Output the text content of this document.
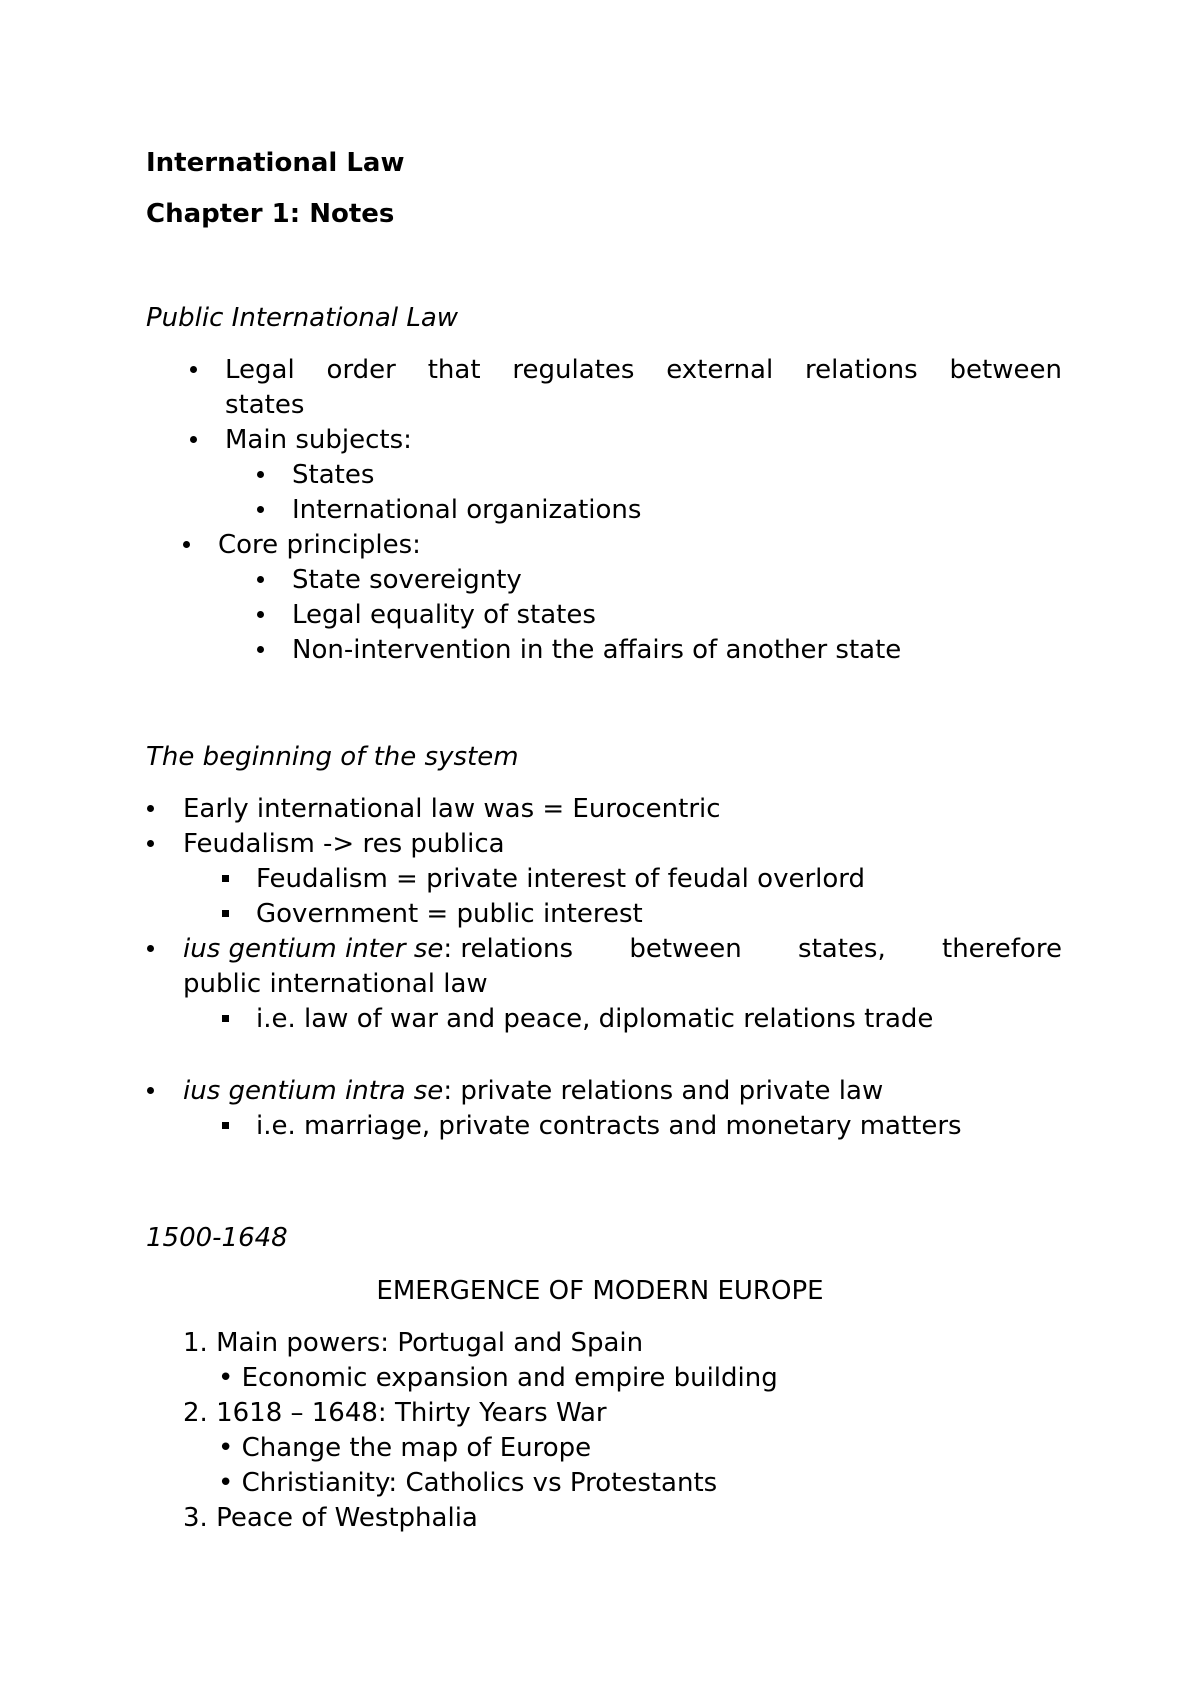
International Law
Chapter 1: Notes
Public International Law
Legal order that regulates external relations between
states
Main subjects:
States
International organizations
Core principles:
State sovereignty
Legal equality of states
Non-intervention in the affairs of another state
The beginning of the system
Early international law was = Eurocentric
Feudalism -> res publica
Feudalism = private interest of feudal overlord
Government = public interest
ius gentium inter se: relations between states, therefore
public international law
i.e. law of war and peace, diplomatic relations trade
ius gentium intra se: private relations and private law
i.e. marriage, private contracts and monetary matters
1500-1648
EMERGENCE OF MODERN EUROPE
1. Main powers: Portugal and Spain
• Economic expansion and empire building
2. 1618 – 1648: Thirty Years War
• Change the map of Europe
• Christianity: Catholics vs Protestants
3. Peace of Westphalia
